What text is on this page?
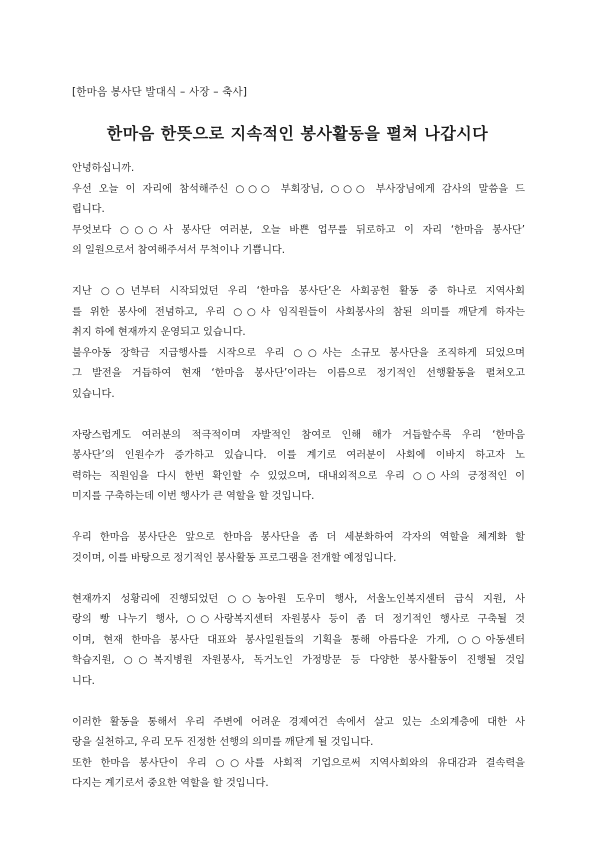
[한마음 봉사단 발대식 – 사장 – 축사]
한마음 한뜻으로 지속적인 봉사활동을 펼쳐 나갑시다
안녕하십니까.
우선 오늘 이 자리에 참석해주신 ○○○ 부회장님, ○○○ 부사장님에게 감사의 말씀을 드
립니다.
무엇보다 ○○○사 봉사단 여러분, 오늘 바쁜 업무를 뒤로하고 이 자리 ‘한마음 봉사단’
의 일원으로서 참여해주셔서 무척이나 기쁩니다.
지난 ○○년부터 시작되었던 우리 ‘한마음 봉사단’은 사회공헌 활동 중 하나로 지역사회
를 위한 봉사에 전념하고, 우리 ○○사 임직원들이 사회봉사의 참된 의미를 깨닫게 하자는
취지 하에 현재까지 운영되고 있습니다.
불우아동 장학금 지급행사를 시작으로 우리 ○○사는 소규모 봉사단을 조직하게 되었으며
그 발전을 거듭하여 현재 ‘한마음 봉사단’이라는 이름으로 정기적인 선행활동을 펼쳐오고
있습니다.
자랑스럽게도 여러분의 적극적이며 자발적인 참여로 인해 해가 거듭할수록 우리 ‘한마음
봉사단’의 인원수가 증가하고 있습니다. 이를 계기로 여러분이 사회에 이바지 하고자 노
력하는 직원임을 다시 한번 확인할 수 있었으며, 대내외적으로 우리 ○○사의 긍정적인 이
미지를 구축하는데 이번 행사가 큰 역할을 할 것입니다.
우리 한마음 봉사단은 앞으로 한마음 봉사단을 좀 더 세분화하여 각자의 역할을 체계화 할
것이며, 이를 바탕으로 정기적인 봉사활동 프로그램을 전개할 예정입니다.
현재까지 성황리에 진행되었던 ○○농아원 도우미 행사, 서울노인복지센터 급식 지원, 사
랑의 빵 나누기 행사, ○○사랑복지센터 자원봉사 등이 좀 더 정기적인 행사로 구축될 것
이며, 현재 한마음 봉사단 대표와 봉사일원들의 기획을 통해 아름다운 가게, ○○아동센터
학습지원, ○○복지병원 자원봉사, 독거노인 가정방문 등 다양한 봉사활동이 진행될 것입
니다.
이러한 활동을 통해서 우리 주변에 어려운 경제여건 속에서 살고 있는 소외계층에 대한 사
랑을 실천하고, 우리 모두 진정한 선행의 의미를 깨닫게 될 것입니다.
또한 한마음 봉사단이 우리 ○○사를 사회적 기업으로써 지역사회와의 유대감과 결속력을
다지는 계기로서 중요한 역할을 할 것입니다.
